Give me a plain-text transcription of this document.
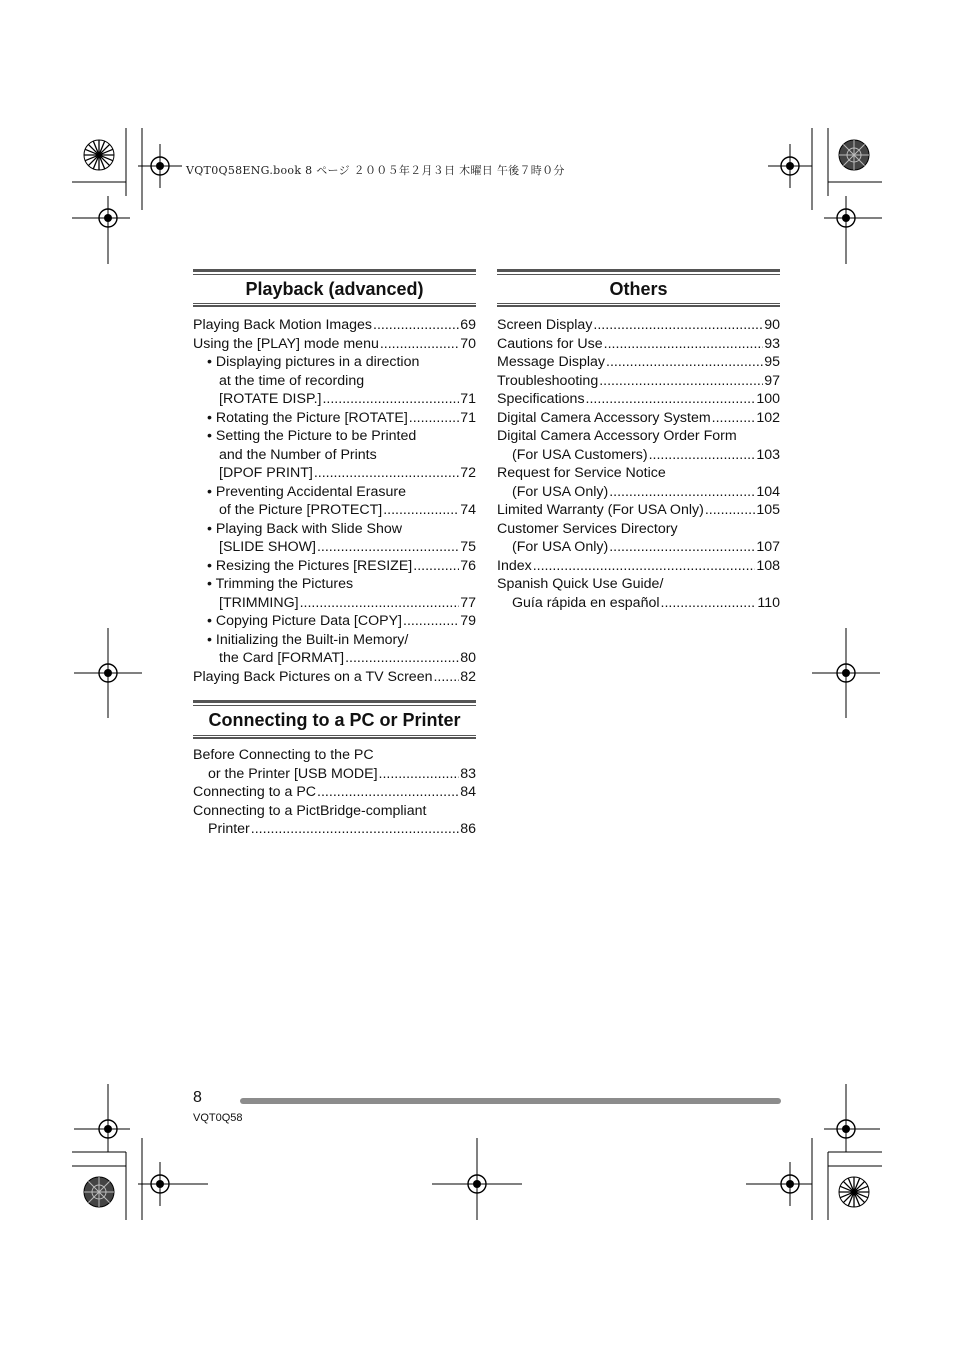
VQT0Q58ENG.book 8 ページ ２００５年２月３日 木曜日 午後７時０分
Playback (advanced)
Playing Back Motion Images .....	69
Using the [PLAY] mode menu .....	70
• Displaying pictures in a direction
at the time of recording
[ROTATE DISP.] .....	71
• Rotating the Picture [ROTATE] .....	71
• Setting the Picture to be Printed
and the Number of Prints
[DPOF PRINT] .....	72
• Preventing Accidental Erasure
of the Picture [PROTECT] .....	74
• Playing Back with Slide Show
[SLIDE SHOW] .....	75
• Resizing the Pictures [RESIZE] .....	76
• Trimming the Pictures
[TRIMMING] .....	77
• Copying Picture Data [COPY] .....	79
• Initializing the Built-in Memory/
the Card [FORMAT] .....	80
Playing Back Pictures on a TV Screen ..... 82
Connecting to a PC or Printer
Before Connecting to the PC
or the Printer [USB MODE] .....	83
Connecting to a PC .....	84
Connecting to a PictBridge-compliant
Printer .....	86
Others
Screen Display .....	90
Cautions for Use .....	93
Message Display .....	95
Troubleshooting .....	97
Specifications .....	100
Digital Camera Accessory System .....	102
Digital Camera Accessory Order Form
(For USA Customers) .....	103
Request for Service Notice
(For USA Only) .....	104
Limited Warranty (For USA Only) .....	105
Customer Services Directory
(For USA Only) .....	107
Index .....	108
Spanish Quick Use Guide/
Guía rápida en español .....	110
8
VQT0Q58
